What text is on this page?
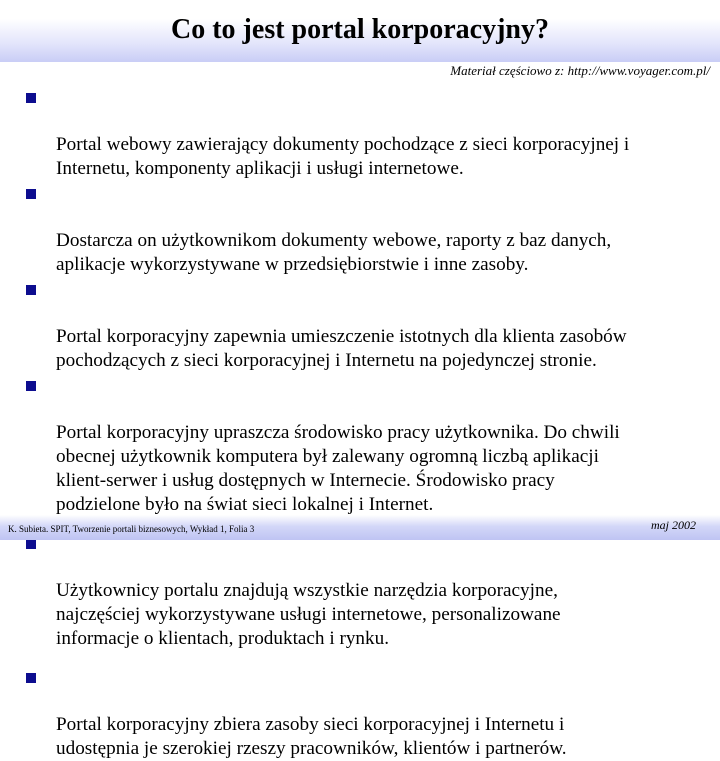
Co to jest portal korporacyjny?
Materiał częściowo z: http://www.voyager.com.pl/

Portal webowy zawierający dokumenty pochodzące z sieci korporacyjnej i
Internetu, komponenty aplikacji i usługi internetowe.

Dostarcza on użytkownikom dokumenty webowe, raporty z baz danych,
aplikacje wykorzystywane w przedsiębiorstwie i inne zasoby.

Portal korporacyjny zapewnia umieszczenie istotnych dla klienta zasobów
pochodzących z sieci korporacyjnej i Internetu na pojedynczej stronie.

Portal korporacyjny upraszcza środowisko pracy użytkownika. Do chwili
obecnej użytkownik komputera był zalewany ogromną liczbą aplikacji
klient-serwer i usług dostępnych w Internecie. Środowisko pracy
podzielone było na świat sieci lokalnej i Internet.

Użytkownicy portalu znajdują wszystkie narzędzia korporacyjne,
najczęściej wykorzystywane usługi internetowe, personalizowane
informacje o klientach, produktach i rynku.

Portal korporacyjny zbiera zasoby sieci korporacyjnej i Internetu i
udostępnia je szerokiej rzeszy pracowników, klientów i partnerów.

K. Subieta. SPIT, Tworzenie portali biznesowych, Wykład 1, Folia 3	maj 2002
